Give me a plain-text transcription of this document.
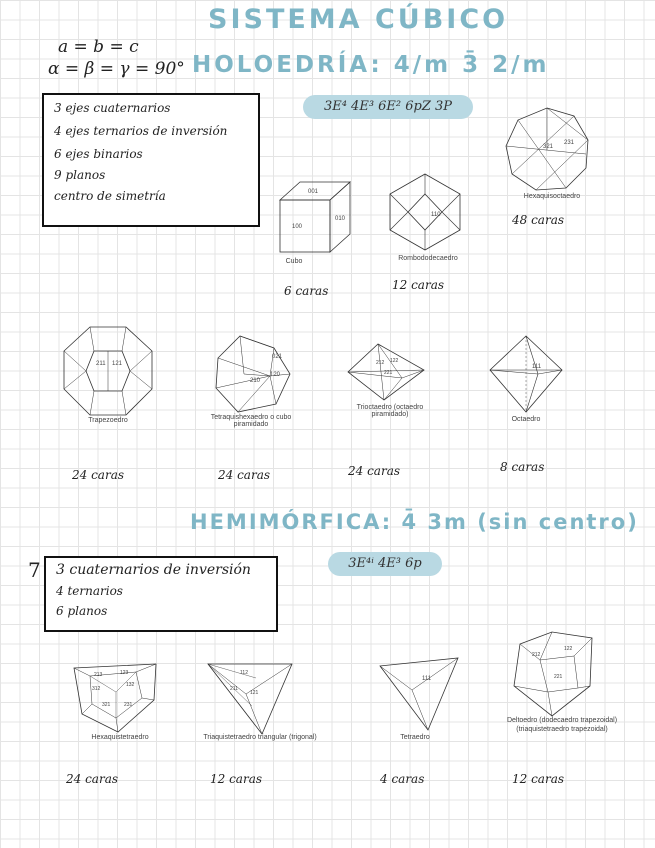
SISTEMA CÚBICO
a = b = c
α = β = γ = 90° HOLOEDRÍA: 4/m 3̄ 2/m
3 ejes cuaternarios
4 ejes ternarios de inversión
6 ejes binarios
9 planos
centro de simetría
3E⁴ 4E³ 6E² 6pZ 3P
001
100
010
Cubo
6 caras
110
Rombododecaedro
12 caras
321
231
Hexaquisoctaedro
48 caras
211 121
Trapezoedro
24 caras
021
120
210
Tetraquishexaedro o cubo piramidado
24 caras
212 122
221
Trioctaedro (octaedro piramidado)
24 caras
111
Octaedro
8 caras
HEMIMÓRFICA: 4̄ 3m (sin centro)
7 3 cuaternarios de inversión
4 ternarios
6 planos
3E⁴ⁱ 4E³ 6p
213	123
312
132
321	231
Hexaquistetraedro
24 caras
112
211
121
Triaquistetraedro triangular (trigonal)
12 caras
111
Tetraedro
4 caras
212
122
221
Deltoedro (dodecaedro trapezoidal) (triaquistetraedro trapezoidal)
12 caras
